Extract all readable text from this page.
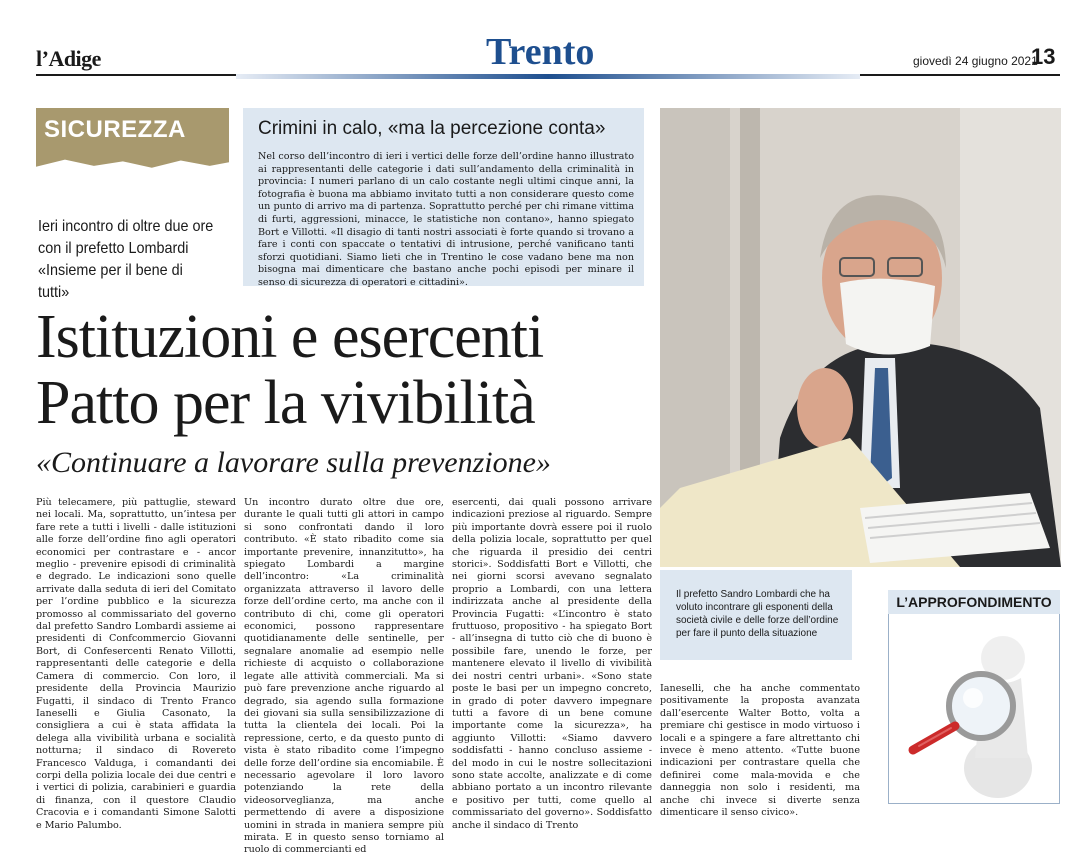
l’Adige	Trento	giovedì 24 giugno 2021
13
SICUREZZA
Ieri incontro di oltre due ore con il prefetto Lombardi «Insieme per il bene di tutti»
Crimini in calo, «ma la percezione conta»
Nel corso dell’incontro di ieri i vertici delle forze dell’ordine hanno illustrato ai rappresentanti delle categorie i dati sull’andamento della criminalità in provincia: I numeri parlano di un calo costante negli ultimi cinque anni, la fotografia è buona ma abbiamo invitato tutti a non considerare questo come un punto di arrivo ma di partenza. Soprattutto perché per chi rimane vittima di furti, aggressioni, minacce, le statistiche non contano», hanno spiegato Bort e Villotti. «Il disagio di tanti nostri associati è forte quando si trovano a fare i conti con spaccate o tentativi di intrusione, perché vanificano tanti sforzi quotidiani. Siamo lieti che in Trentino le cose vadano bene ma non bisogna mai dimenticare che bastano anche pochi episodi per minare il senso di sicurezza di operatori e cittadini».
Istituzioni e esercenti
Patto per la vivibilità
«Continuare a lavorare sulla prevenzione»
Più telecamere, più pattuglie, steward nei locali. Ma, soprattutto, un’intesa per fare rete a tutti i livelli - dalle istituzioni alle forze dell’ordine fino agli operatori economici per contrastare e - ancor meglio - prevenire episodi di criminalità e degrado. Le indicazioni sono quelle arrivate dalla seduta di ieri del Comitato per l’ordine pubblico e la sicurezza promosso al commissariato del governo dal prefetto Sandro Lombardi assieme ai presidenti di Confcommercio Giovanni Bort, di Confesercenti Renato Villotti, rappresentanti delle categorie e della Camera di commercio. Con loro, il presidente della Provincia Maurizio Fugatti, il sindaco di Trento Franco Ianeselli e Giulia Casonato, la consigliera a cui è stata affidata la delega alla vivibilità urbana e socialità notturna; il sindaco di Rovereto Francesco Valduga, i comandanti dei corpi della polizia locale dei due centri e i vertici di polizia, carabinieri e guardia di finanza, con il questore Claudio Cracovia e i comandanti Simone Salotti e Mario Palumbo.
Un incontro durato oltre due ore, durante le quali tutti gli attori in campo si sono confrontati dando il loro contributo. «È stato ribadito come sia importante prevenire, innanzitutto», ha spiegato Lombardi a margine dell’incontro: «La criminalità organizzata attraverso il lavoro delle forze dell’ordine certo, ma anche con il contributo di chi, come gli operatori economici, possono rappresentare quotidianamente delle sentinelle, per segnalare anomalie ad esempio nelle richieste di acquisto o collaborazione legate alle attività commerciali. Ma si può fare prevenzione anche riguardo al degrado, sia agendo sulla formazione dei giovani sia sulla sensibilizzazione di tutta la clientela dei locali. Poi la repressione, certo, e da questo punto di vista è stato ribadito come l’impegno delle forze dell’ordine sia encomiabile. È necessario agevolare il loro lavoro potenziando la rete della videosorveglianza, ma anche permettendo di avere a disposizione uomini in strada in maniera sempre più mirata. E in questo senso torniamo al ruolo di commercianti ed
esercenti, dai quali possono arrivare indicazioni preziose al riguardo. Sempre più importante dovrà essere poi il ruolo della polizia locale, soprattutto per quel che riguarda il presidio dei centri storici». Soddisfatti Bort e Villotti, che nei giorni scorsi avevano segnalato proprio a Lombardi, con una lettera indirizzata anche al presidente della Provincia Fugatti: «L’incontro è stato fruttuoso, propositivo - ha spiegato Bort - all’insegna di tutto ciò che di buono è possibile fare, unendo le forze, per mantenere elevato il livello di vivibilità dei nostri centri urbani». «Sono state poste le basi per un impegno concreto, in grado di poter davvero impegnare tutti a favore di un bene comune importante come la sicurezza», ha aggiunto Villotti: «Siamo davvero soddisfatti - hanno concluso assieme - del modo in cui le nostre sollecitazioni sono state accolte, analizzate e di come abbiano portato a un incontro rilevante e positivo per tutti, come quello al commissariato del governo». Soddisfatto anche il sindaco di Trento
Ianeselli, che ha anche commentato positivamente la proposta avanzata dall’esercente Walter Botto, volta a premiare chi gestisce in modo virtuoso i locali e a spingere a fare altrettanto chi invece è meno attento. «Tutte buone indicazioni per contrastare quella che definirei come mala-movida e che danneggia non solo i residenti, ma anche chi invece si diverte senza dimenticare il senso civico».
Il prefetto Sandro Lombardi che ha voluto incontrare gli esponenti della società civile e delle forze dell’ordine per fare il punto della situazione
L’APPROFONDIMENTO
